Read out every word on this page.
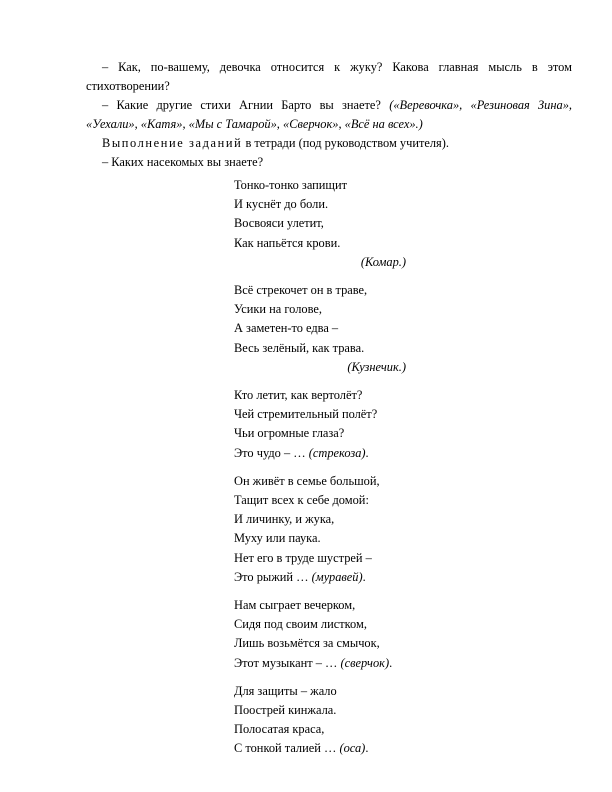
– Как, по-вашему, девочка относится к жуку? Какова главная мысль в этом стихотворении?

– Какие другие стихи Агнии Барто вы знаете? («Веревочка», «Резиновая Зина», «Уехали», «Катя», «Мы с Тамарой», «Сверчок», «Всё на всех».)

Выполнение заданий в тетради (под руководством учителя).

– Каких насекомых вы знаете?

Тонко-тонко запищит
И куснёт до боли.
Восвояси улетит,
Как напьётся крови.
(Комар.)
Всё стрекочет он в траве,
Усики на голове,
А заметен-то едва –
Весь зелёный, как трава.
(Кузнечик.)
Кто летит, как вертолёт?
Чей стремительный полёт?
Чьи огромные глаза?
Это чудо – … (стрекоза).
Он живёт в семье большой,
Тащит всех к себе домой:
И личинку, и жука,
Муху или паука.
Нет его в труде шустрей –
Это рыжий … (муравей).
Нам сыграет вечерком,
Сидя под своим листком,
Лишь возьмётся за смычок,
Этот музыкант – … (сверчок).
Для защиты – жало
Поострей кинжала.
Полосатая краса,
С тонкой талией … (оса).
